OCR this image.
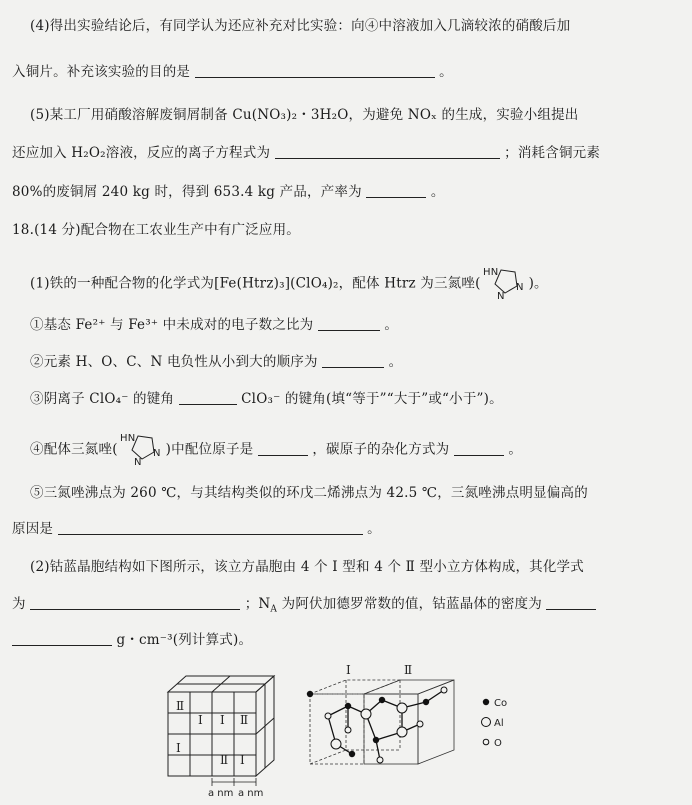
(4)得出实验结论后，有同学认为还应补充对比实验：向④中溶液加入几滴较浓的硝酸后加
入铜片。补充该实验的目的是	。
(5)某工厂用硝酸溶解废铜屑制备 Cu(NO₃)₂・3H₂O，为避免 NOₓ 的生成，实验小组提出
还应加入 H₂O₂溶液，反应的离子方程式为	；消耗含铜元素
80%的废铜屑 240 kg 时，得到 653.4 kg 产品，产率为	。
18.(14 分)配合物在工农业生产中有广泛应用。
(1)铁的一种配合物的化学式为[Fe(Htrz)₃](ClO₄)₂，配体 Htrz 为三氮唑(
HN
N
N
)。
①基态 Fe²⁺ 与 Fe³⁺ 中未成对的电子数之比为	。
②元素 H、O、C、N 电负性从小到大的顺序为	。
③阴离子 ClO₄⁻ 的键角	ClO₃⁻ 的键角(填“等于”“大于”或“小于”)。
④配体三氮唑(
HN
N
N
)中配位原子是	，碳原子的杂化方式为	。
⑤三氮唑沸点为 260 ℃，与其结构类似的环戊二烯沸点为 42.5 ℃，三氮唑沸点明显偏高的
原因是	。
(2)钴蓝晶胞结构如下图所示，该立方晶胞由 4 个 Ⅰ 型和 4 个 Ⅱ 型小立方体构成，其化学式
为	；$N_A$ 为阿伏加德罗常数的值，钴蓝晶体的密度为
g・cm⁻³(列计算式)。
Ⅱ
Ⅰ Ⅰ Ⅱ
Ⅰ
Ⅱ Ⅰ
a nm a nm
Ⅰ	Ⅱ
Co
Al
O
